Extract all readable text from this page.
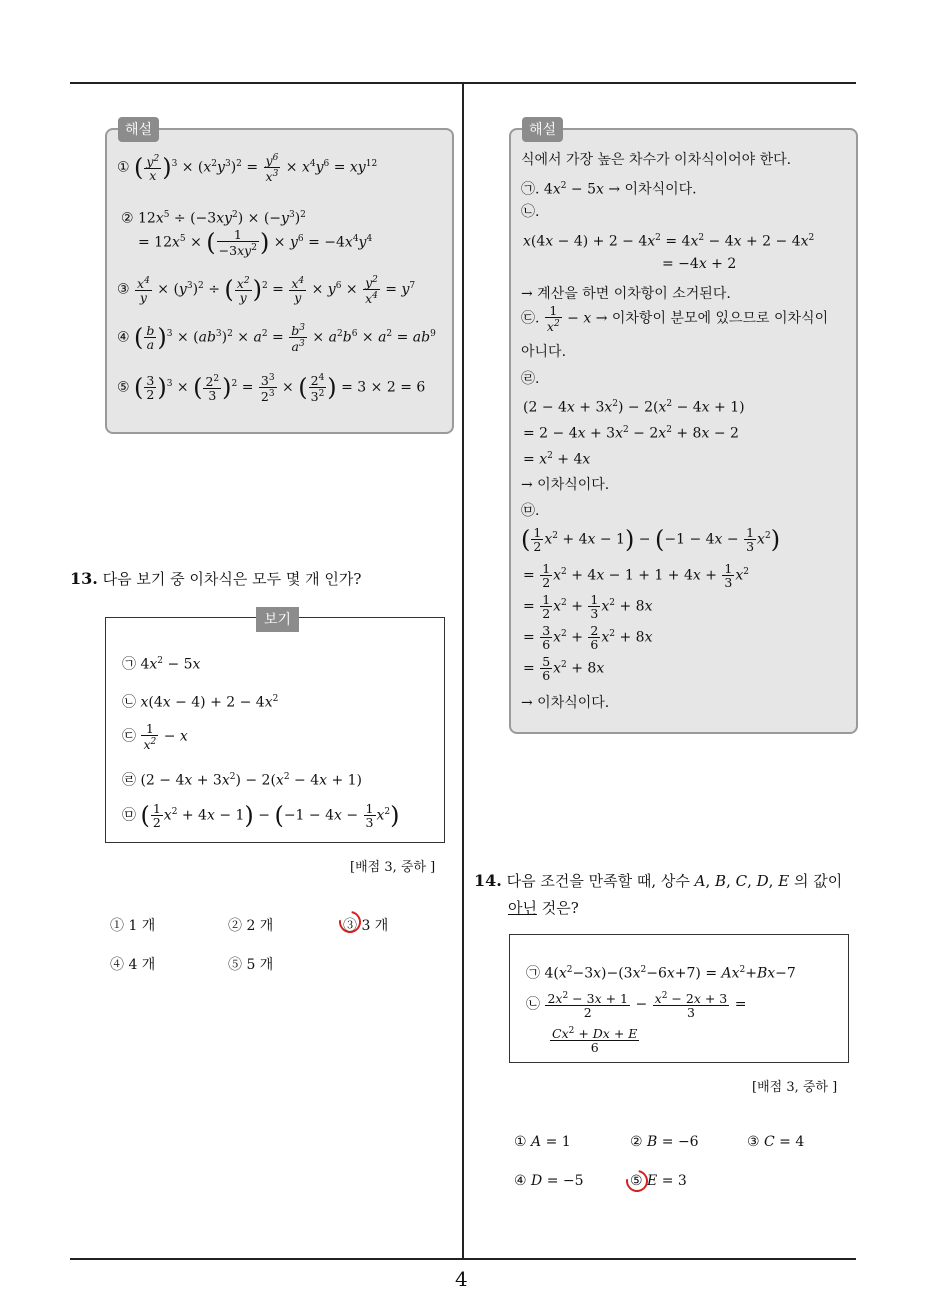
해설
① ( $\frac{y^2}{x} )^3 \times (x^2y^3)^2 = \frac{y^6}{x^3} \times x^4y^6 = xy^{12}$
② $12x^5 \div (-3xy^2) \times (-y^3)^2$
= $12x^5$ × ( $\frac{1}{-3xy^2}$ ) × $y^6 = -4x^4y^4$
③ $\frac{x^4}{y} \times (y^3)^2$ ÷ ( $\frac{x^2}{y} )^2 = \frac{x^4}{y} \times y^6 \times \frac{y^2}{x^4} = y^7$
④ ( $\frac{b}{a} )^3 \times (ab^3)^2 \times a^2 = \frac{b^3}{a^3} \times a^2b^6 \times a^2 = ab^9$
⑤ ( $\frac{3}{2} )^3$ × ( $\frac{2^2}{3} )^2 = \frac{3^3}{2^3}$ × ( $\frac{2^4}{3^2}$ ) = 3 × 2 = 6
13. 다음 보기 중 이차식은 모두 몇 개 인가?
보기
㉠ $4x^2 - 5x$
㉡ $x(4x - 4) + 2 - 4x^2$
㉢ $\frac{1}{x^2} - x$
㉣ $(2 - 4x + 3x^2) - 2(x^2 - 4x + 1)$
㉤ ( $\frac{1}{2} x^2 + 4x - 1) - (-1 - 4x - \frac{1}{3} x^2)$
[배점 3, 중하 ]
① 1 개	② 2 개	③ 3 개
④ 4 개	⑤ 5 개
해설
식에서 가장 높은 차수가 이차식이어야 한다.
㉠. $4x^2 - 5x$ → 이차식이다.
㉡.
$x(4x - 4) + 2 - 4x^2 = 4x^2 - 4x + 2 - 4x^2$
= −4x + 2
→ 계산을 하면 이차항이 소거된다.
㉢. $\frac{1}{x^2} - x$ → 이차항이 분모에 있으므로 이차식이
아니다.
㉣.
$(2 - 4x + 3x^2) - 2(x^2 - 4x + 1)$
= $2 - 4x + 3x^2 - 2x^2 + 8x - 2$
= $x^2 + 4x$
→ 이차식이다.
㉤.
( $\frac{1}{2} x^2 + 4x - 1) - (-1 - 4x - \frac{1}{3} x^2)$
= $\frac{1}{2} x^2 + 4x - 1 + 1 + 4x + \frac{1}{3} x^2$
= $\frac{1}{2} x^2 + \frac{1}{3} x^2 + 8x$
= $\frac{3}{6} x^2 + \frac{2}{6} x^2 + 8x$
= $\frac{5}{6} x^2 + 8x$
→ 이차식이다.
14. 다음 조건을 만족할 때, 상수 A, B, C, D, E 의 값이
아닌 것은?
㉠ $4(x^2-3x)-(3x^2-6x+7) = Ax^2+Bx-7$
㉡ $\frac{2x^2 - 3x + 1}{2} - \frac{x^2 - 2x + 3}{3}$ =
$\frac{Cx^2 + Dx + E}{6}$
[배점 3, 중하 ]
① A = 1	② B = −6	③ C = 4
④ D = −5	⑤ E = 3
4
